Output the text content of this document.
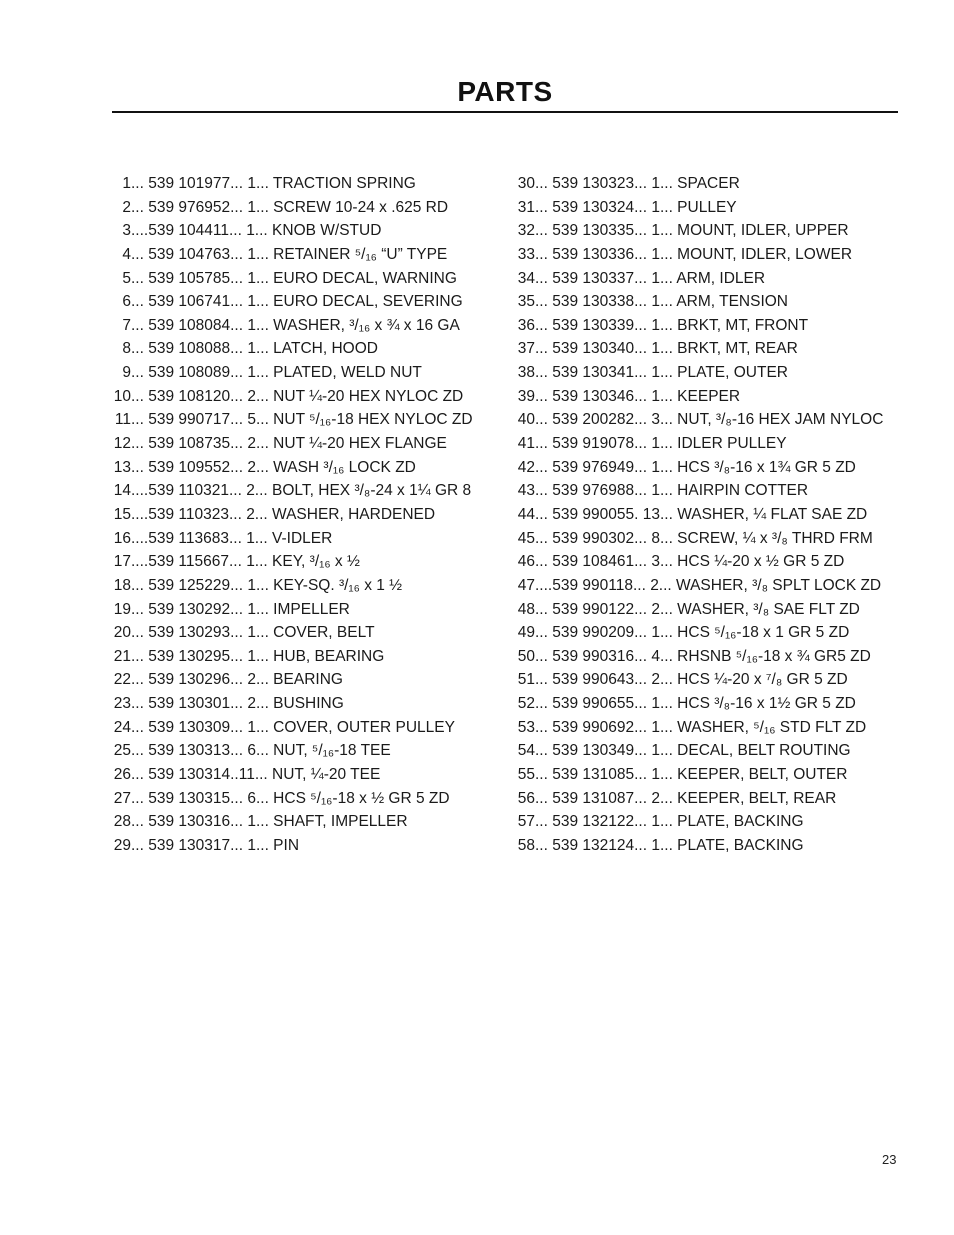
PARTS
1... 539 101977... 1... TRACTION SPRING
2... 539 976952... 1... SCREW 10-24 x .625 RD
3....539 104411... 1... KNOB W/STUD
4... 539 104763... 1... RETAINER ⁵/₁₆ “U” TYPE
5... 539 105785... 1... EURO DECAL, WARNING
6... 539 106741... 1... EURO DECAL, SEVERING
7... 539 108084... 1... WASHER, ³/₁₆ x ¾ x 16 GA
8... 539 108088... 1... LATCH, HOOD
9... 539 108089... 1... PLATED, WELD NUT
10... 539 108120... 2... NUT ¼-20 HEX NYLOC ZD
11... 539 990717... 5... NUT ⁵/₁₆-18 HEX NYLOC ZD
12... 539 108735... 2... NUT ¼-20 HEX FLANGE
13... 539 109552... 2... WASH ³/₁₆ LOCK ZD
14....539 110321... 2... BOLT, HEX ³/₈-24 x 1¼ GR 8
15....539 110323... 2... WASHER, HARDENED
16....539 113683... 1... V-IDLER
17....539 115667... 1... KEY, ³/₁₆ x ½
18... 539 125229... 1... KEY-SQ. ³/₁₆ x 1 ½
19... 539 130292... 1... IMPELLER
20... 539 130293... 1... COVER, BELT
21... 539 130295... 1... HUB, BEARING
22... 539 130296... 2... BEARING
23... 539 130301... 2... BUSHING
24... 539 130309... 1... COVER, OUTER PULLEY
25... 539 130313... 6... NUT, ⁵/₁₆-18 TEE
26... 539 130314..11... NUT, ¼-20 TEE
27... 539 130315... 6... HCS ⁵/₁₆-18 x ½ GR 5 ZD
28... 539 130316... 1... SHAFT, IMPELLER
29... 539 130317... 1... PIN
30... 539 130323... 1... SPACER
31... 539 130324... 1... PULLEY
32... 539 130335... 1... MOUNT, IDLER, UPPER
33... 539 130336... 1... MOUNT, IDLER, LOWER
34... 539 130337... 1... ARM, IDLER
35... 539 130338... 1... ARM, TENSION
36... 539 130339... 1... BRKT, MT, FRONT
37... 539 130340... 1... BRKT, MT, REAR
38... 539 130341... 1... PLATE, OUTER
39... 539 130346... 1... KEEPER
40... 539 200282... 3... NUT, ³/₈-16 HEX JAM NYLOC
41... 539 919078... 1... IDLER PULLEY
42... 539 976949... 1... HCS ³/₈-16 x 1¾ GR 5 ZD
43... 539 976988... 1... HAIRPIN COTTER
44... 539 990055. 13... WASHER, ¼ FLAT SAE ZD
45... 539 990302... 8... SCREW, ¼ x ³/₈ THRD FRM
46... 539 108461... 3... HCS ¼-20 x ½ GR 5 ZD
47....539 990118... 2... WASHER, ³/₈ SPLT LOCK ZD
48... 539 990122... 2... WASHER, ³/₈ SAE FLT ZD
49... 539 990209... 1... HCS ⁵/₁₆-18 x 1 GR 5 ZD
50... 539 990316... 4... RHSNB ⁵/₁₆-18 x ¾ GR5 ZD
51... 539 990643... 2... HCS ¼-20 x ⁷/₈ GR 5 ZD
52... 539 990655... 1... HCS ³/₈-16 x 1½ GR 5 ZD
53... 539 990692... 1... WASHER, ⁵/₁₆ STD FLT ZD
54... 539 130349... 1... DECAL, BELT ROUTING
55... 539 131085... 1... KEEPER, BELT, OUTER
56... 539 131087... 2... KEEPER, BELT, REAR
57... 539 132122... 1... PLATE, BACKING
58... 539 132124... 1... PLATE, BACKING
23
